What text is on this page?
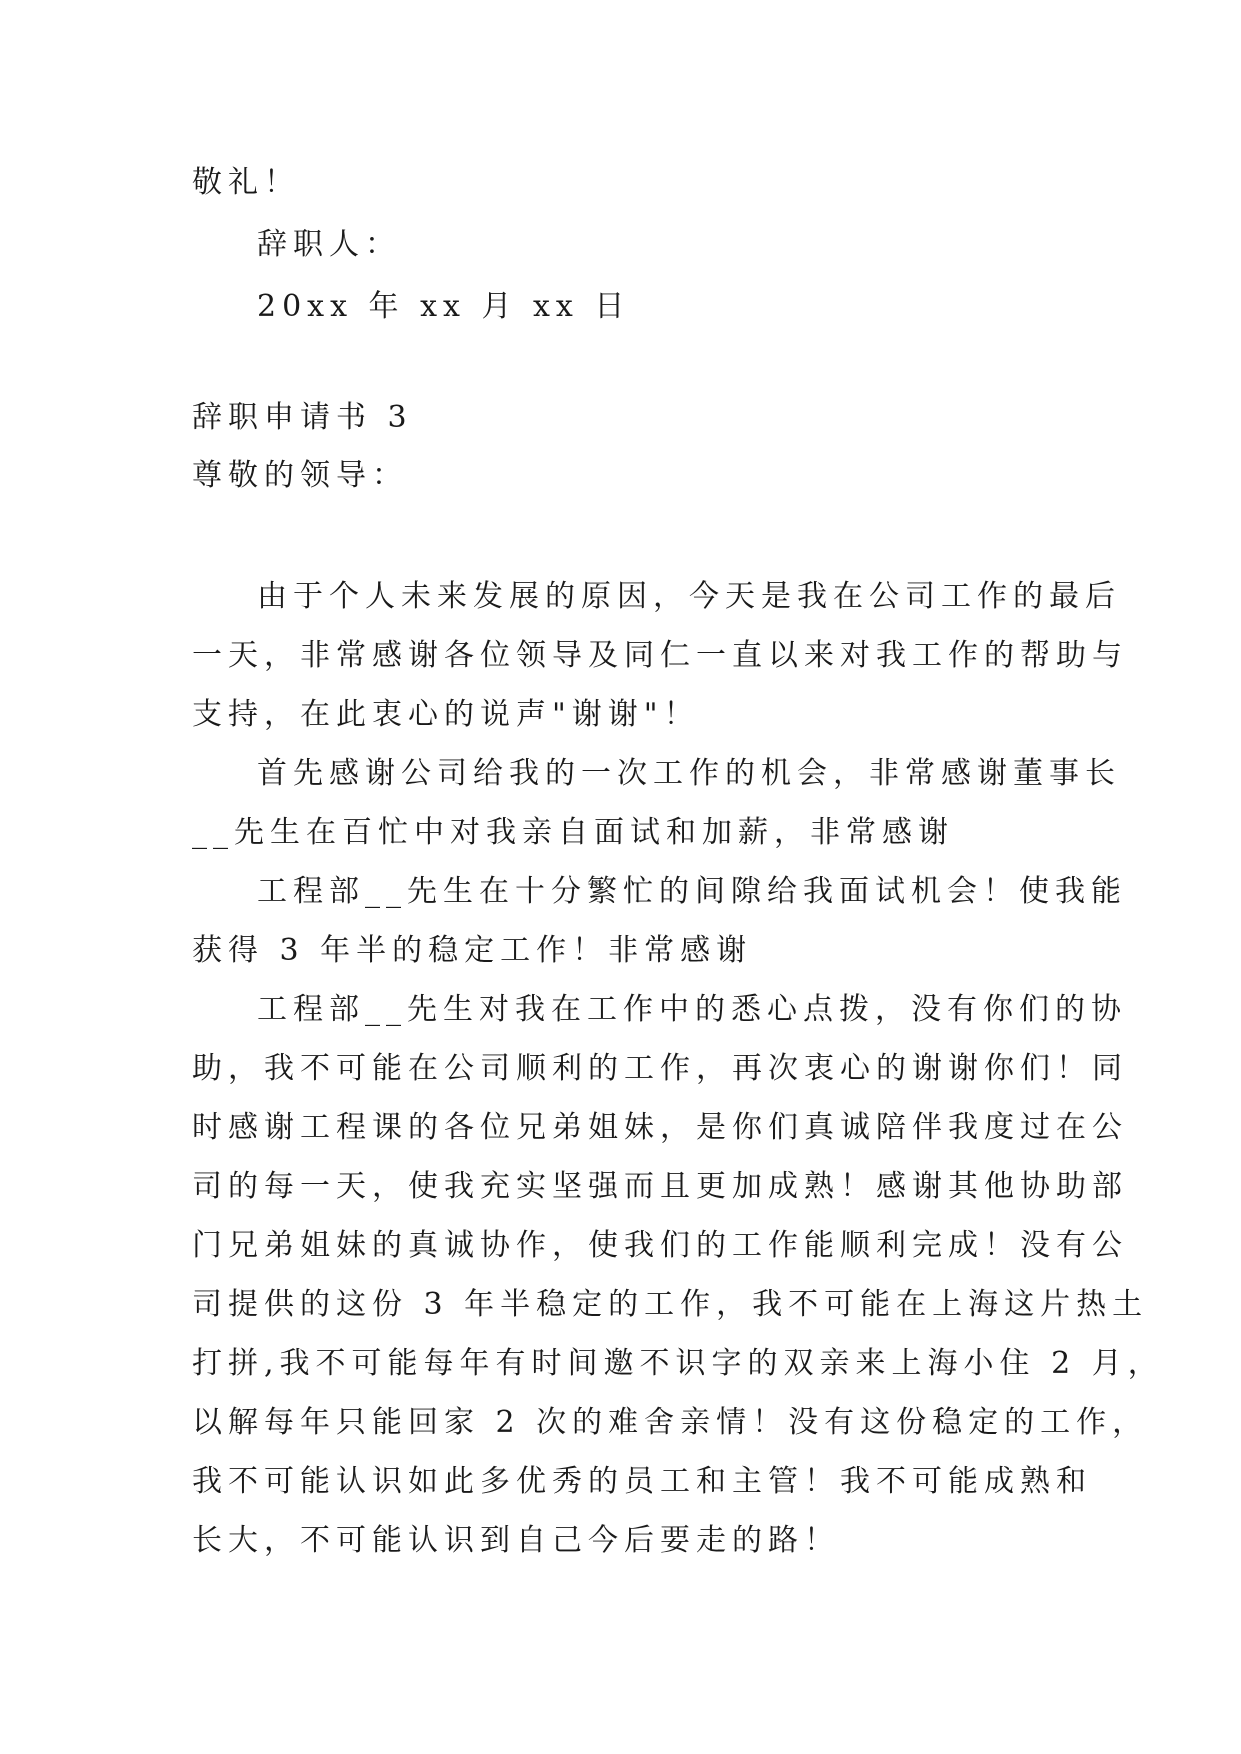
敬礼！
辞职人：
20xx 年 xx 月 xx 日
辞职申请书 3
尊敬的领导：
由于个人未来发展的原因，今天是我在公司工作的最后
一天，非常感谢各位领导及同仁一直以来对我工作的帮助与
支持，在此衷心的说声"谢谢"！
首先感谢公司给我的一次工作的机会，非常感谢董事长
__先生在百忙中对我亲自面试和加薪，非常感谢
工程部__先生在十分繁忙的间隙给我面试机会！使我能
获得 3 年半的稳定工作！非常感谢
工程部__先生对我在工作中的悉心点拨，没有你们的协
助，我不可能在公司顺利的工作，再次衷心的谢谢你们！同
时感谢工程课的各位兄弟姐妹，是你们真诚陪伴我度过在公
司的每一天，使我充实坚强而且更加成熟！感谢其他协助部
门兄弟姐妹的真诚协作，使我们的工作能顺利完成！没有公
司提供的这份 3 年半稳定的工作，我不可能在上海这片热土
打拼,我不可能每年有时间邀不识字的双亲来上海小住 2 月，
以解每年只能回家 2 次的难舍亲情！没有这份稳定的工作，
我不可能认识如此多优秀的员工和主管！我不可能成熟和
长大，不可能认识到自己今后要走的路！
